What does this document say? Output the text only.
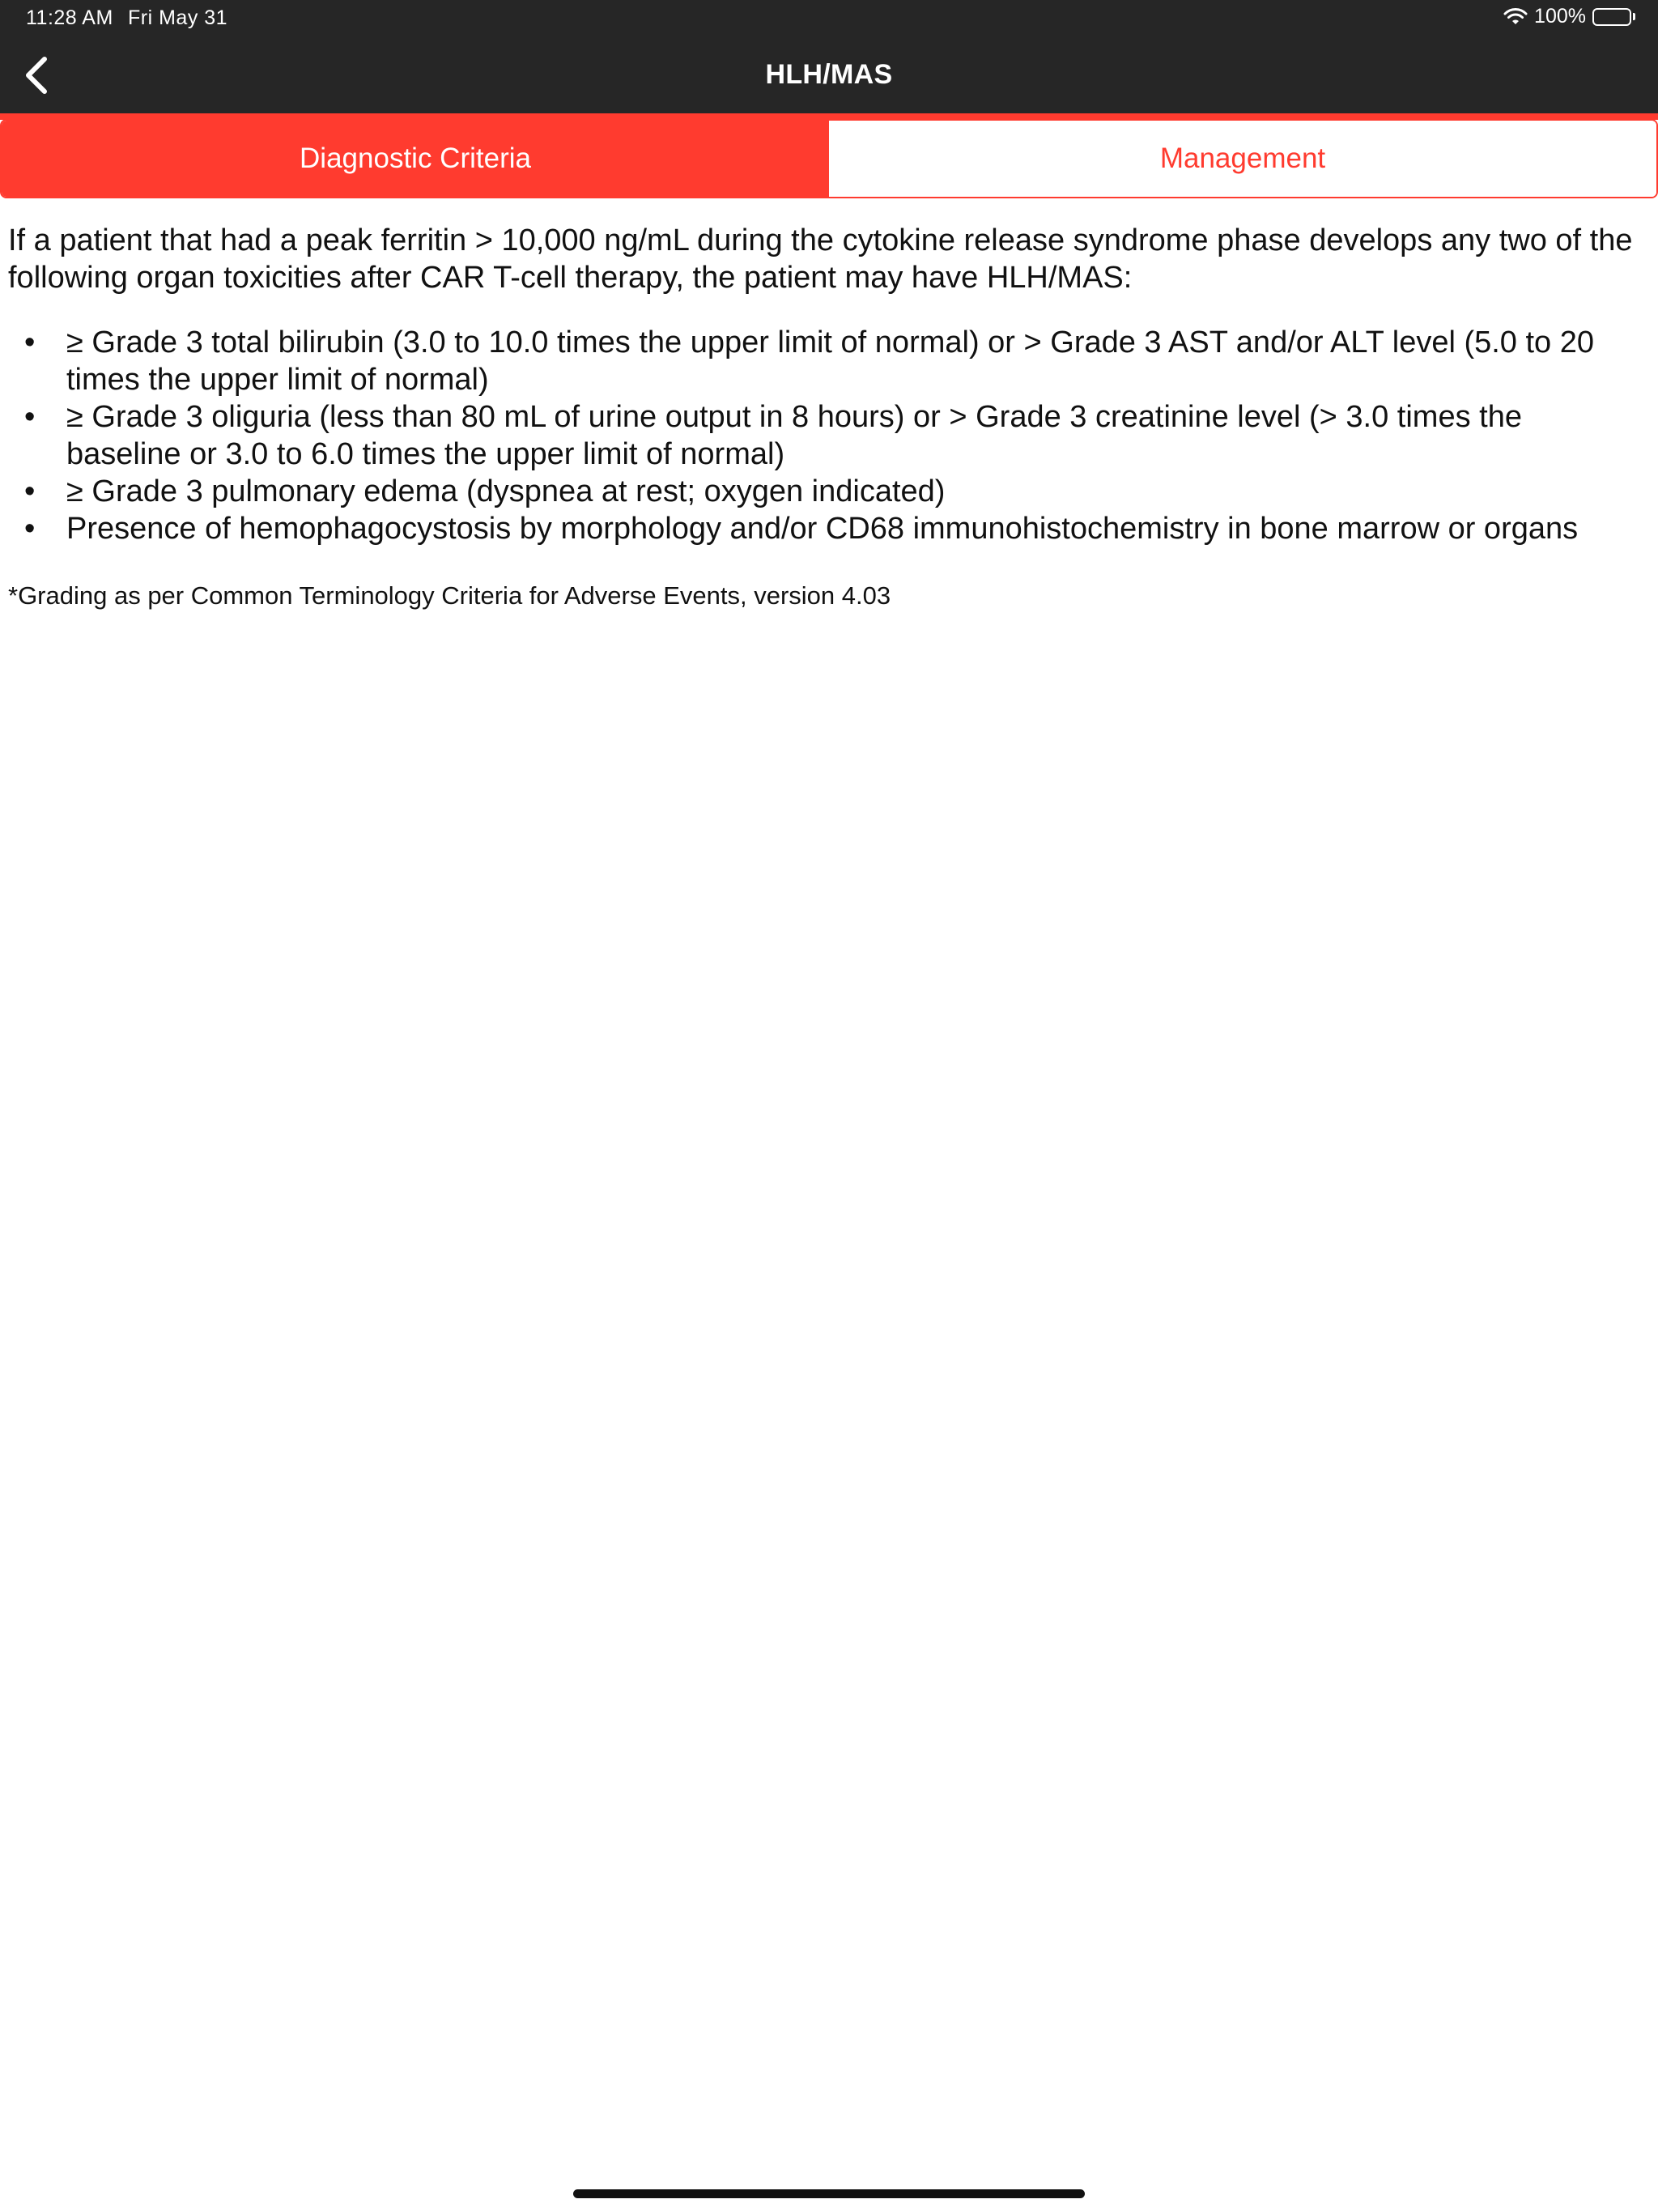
11:28 AM Fri May 31	100%
HLH/MAS
Diagnostic Criteria	Management

If a patient that had a peak ferritin > 10,000 ng/mL during the cytokine release syndrome phase develops any two of the following organ toxicities after CAR T-cell therapy, the patient may have HLH/MAS:

• ≥ Grade 3 total bilirubin (3.0 to 10.0 times the upper limit of normal) or > Grade 3 AST and/or ALT level (5.0 to 20 times the upper limit of normal)
• ≥ Grade 3 oliguria (less than 80 mL of urine output in 8 hours) or > Grade 3 creatinine level (> 3.0 times the baseline or 3.0 to 6.0 times the upper limit of normal)
• ≥ Grade 3 pulmonary edema (dyspnea at rest; oxygen indicated)
• Presence of hemophagocystosis by morphology and/or CD68 immunohistochemistry in bone marrow or organs

*Grading as per Common Terminology Criteria for Adverse Events, version 4.03
